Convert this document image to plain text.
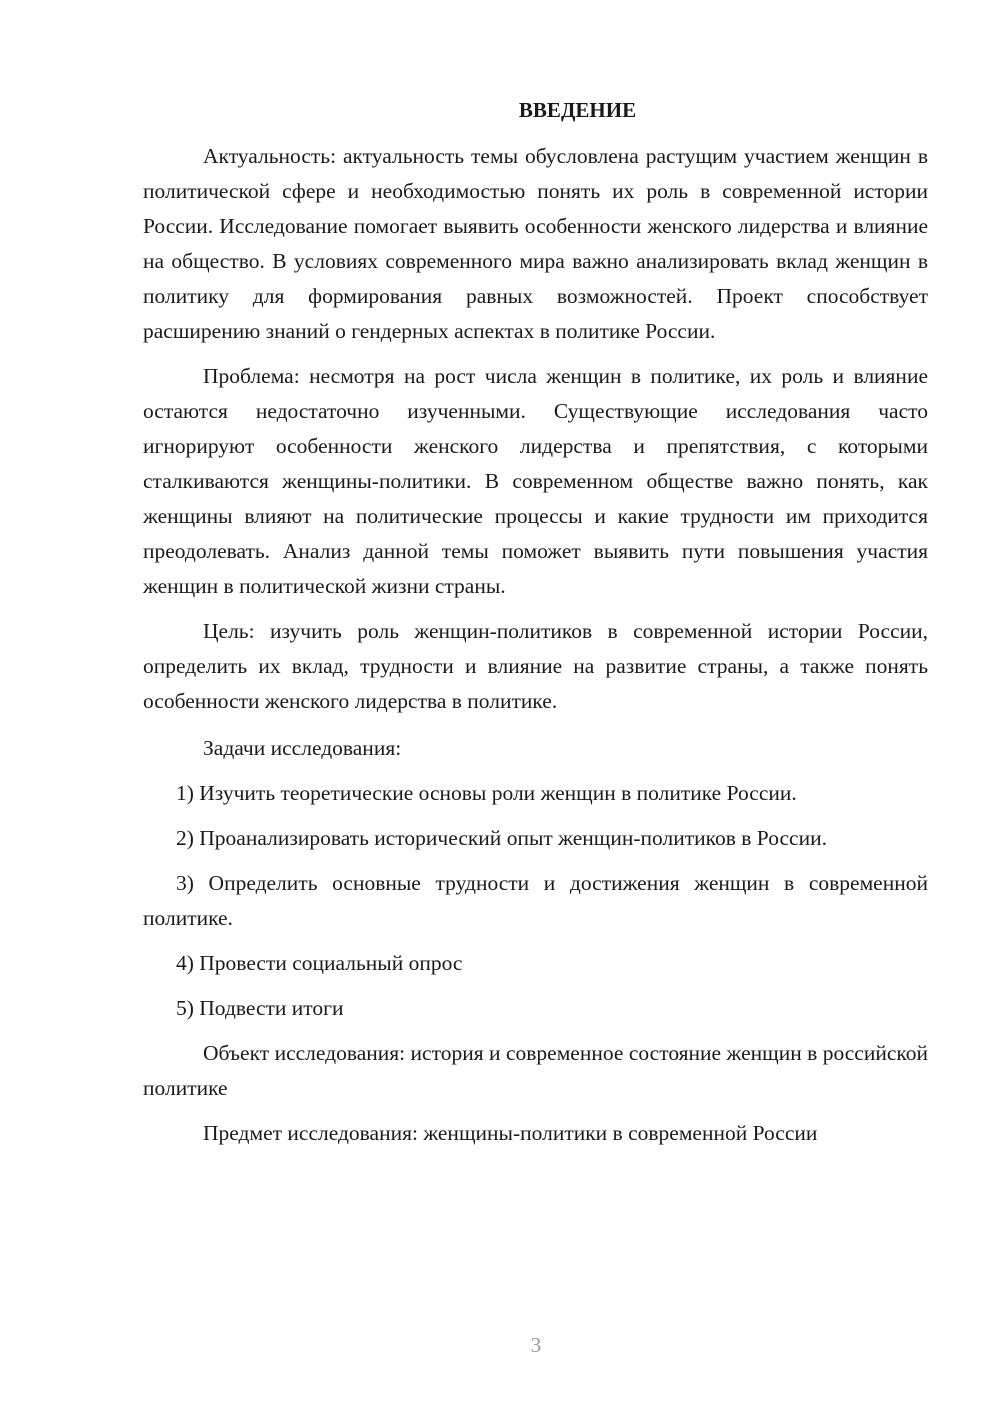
ВВЕДЕНИЕ

Актуальность: актуальность темы обусловлена растущим участием женщин в политической сфере и необходимостью понять их роль в современной истории России. Исследование помогает выявить особенности женского лидерства и влияние на общество. В условиях современного мира важно анализировать вклад женщин в политику для формирования равных возможностей. Проект способствует расширению знаний о гендерных аспектах в политике России.

Проблема: несмотря на рост числа женщин в политике, их роль и влияние остаются недостаточно изученными. Существующие исследования часто игнорируют особенности женского лидерства и препятствия, с которыми сталкиваются женщины-политики. В современном обществе важно понять, как женщины влияют на политические процессы и какие трудности им приходится преодолевать. Анализ данной темы поможет выявить пути повышения участия женщин в политической жизни страны.

Цель: изучить роль женщин-политиков в современной истории России, определить их вклад, трудности и влияние на развитие страны, а также понять особенности женского лидерства в политике.

Задачи исследования:

1) Изучить теоретические основы роли женщин в политике России.

2) Проанализировать исторический опыт женщин-политиков в России.

3) Определить основные трудности и достижения женщин в современной политике.

4) Провести социальный опрос

5) Подвести итоги

Объект исследования: история и современное состояние женщин в российской политике

Предмет исследования: женщины-политики в современной России

3
